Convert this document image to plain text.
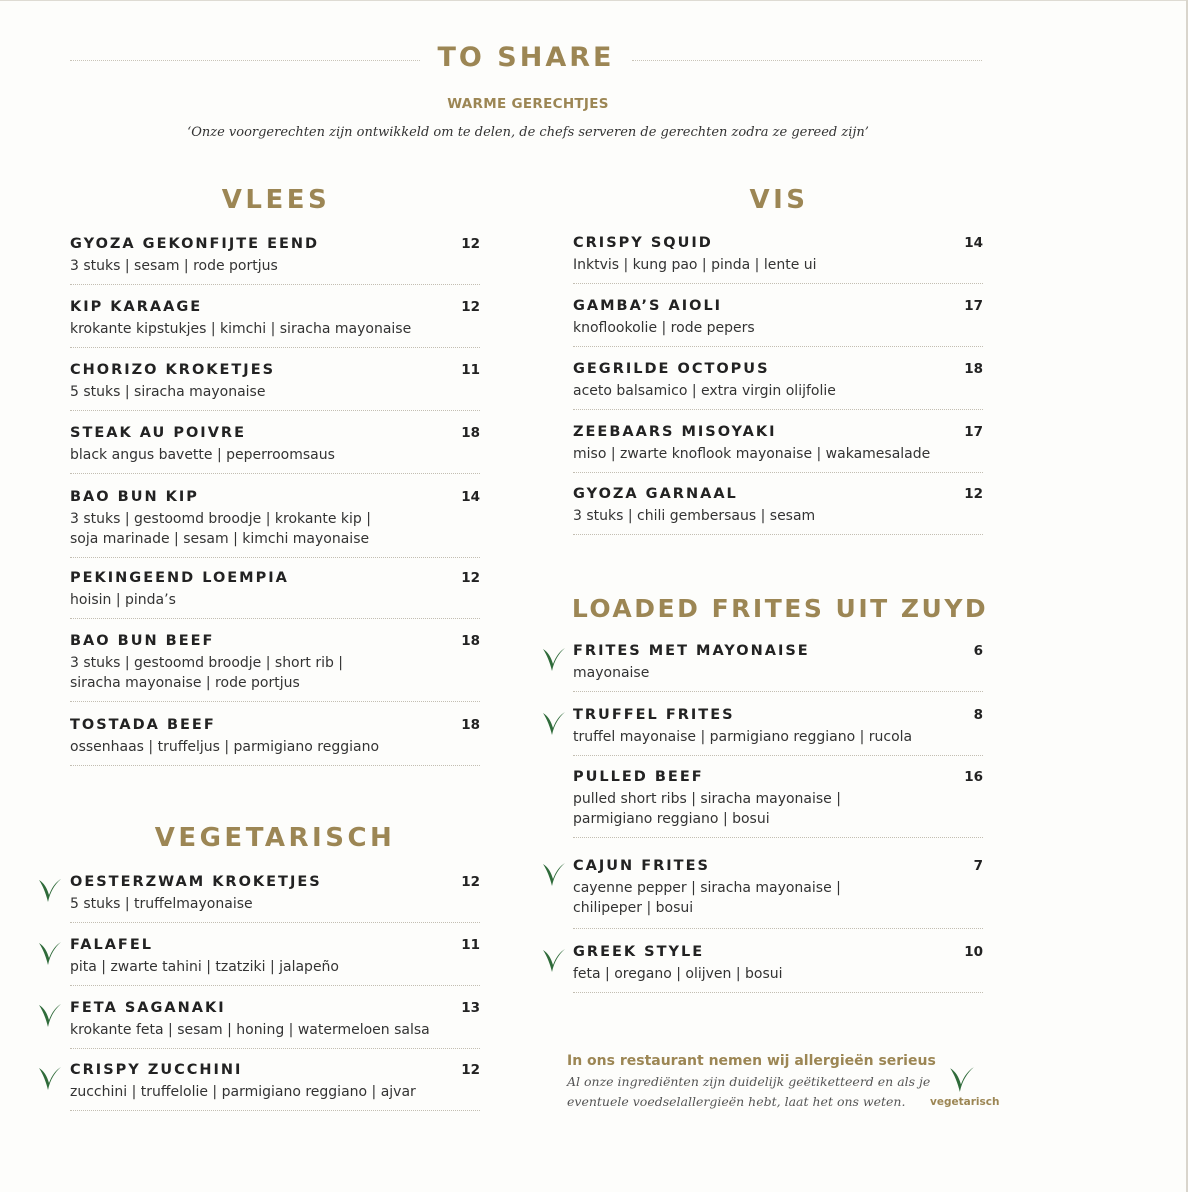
TO SHARE
WARME GERECHTJES
‘Onze voorgerechten zijn ontwikkeld om te delen, de chefs serveren de gerechten zodra ze gereed zijn’
VLEES
GYOZA GEKONFIJTE EEND	12
3 stuks | sesam | rode portjus
KIP KARAAGE	12
krokante kipstukjes | kimchi | siracha mayonaise
CHORIZO KROKETJES	11
5 stuks | siracha mayonaise
STEAK AU POIVRE	18
black angus bavette | peperroomsaus
BAO BUN KIP	14
3 stuks | gestoomd broodje | krokante kip |
soja marinade | sesam | kimchi mayonaise
PEKINGEEND LOEMPIA	12
hoisin | pinda’s
BAO BUN BEEF	18
3 stuks | gestoomd broodje | short rib |
siracha mayonaise | rode portjus
TOSTADA BEEF	18
ossenhaas | truffeljus | parmigiano reggiano
VEGETARISCH
OESTERZWAM KROKETJES	12
5 stuks | truffelmayonaise
FALAFEL	11
pita | zwarte tahini | tzatziki | jalapeño
FETA SAGANAKI	13
krokante feta | sesam | honing | watermeloen salsa
CRISPY ZUCCHINI	12
zucchini | truffelolie | parmigiano reggiano | ajvar
VIS
CRISPY SQUID	14
Inktvis | kung pao | pinda | lente ui
GAMBA’S AIOLI	17
knoflookolie | rode pepers
GEGRILDE OCTOPUS	18
aceto balsamico | extra virgin olijfolie
ZEEBAARS MISOYAKI	17
miso | zwarte knoflook mayonaise | wakamesalade
GYOZA GARNAAL	12
3 stuks | chili gembersaus | sesam
LOADED FRITES UIT ZUYD
FRITES MET MAYONAISE	6
mayonaise
TRUFFEL FRITES	8
truffel mayonaise | parmigiano reggiano | rucola
PULLED BEEF	16
pulled short ribs | siracha mayonaise |
parmigiano reggiano | bosui
CAJUN FRITES	7
cayenne pepper | siracha mayonaise |
chilipeper | bosui
GREEK STYLE	10
feta | oregano | olijven | bosui
In ons restaurant nemen wij allergieën serieus
Al onze ingrediënten zijn duidelijk geëtiketteerd en als je
eventuele voedselallergieën hebt, laat het ons weten.	vegetarisch
